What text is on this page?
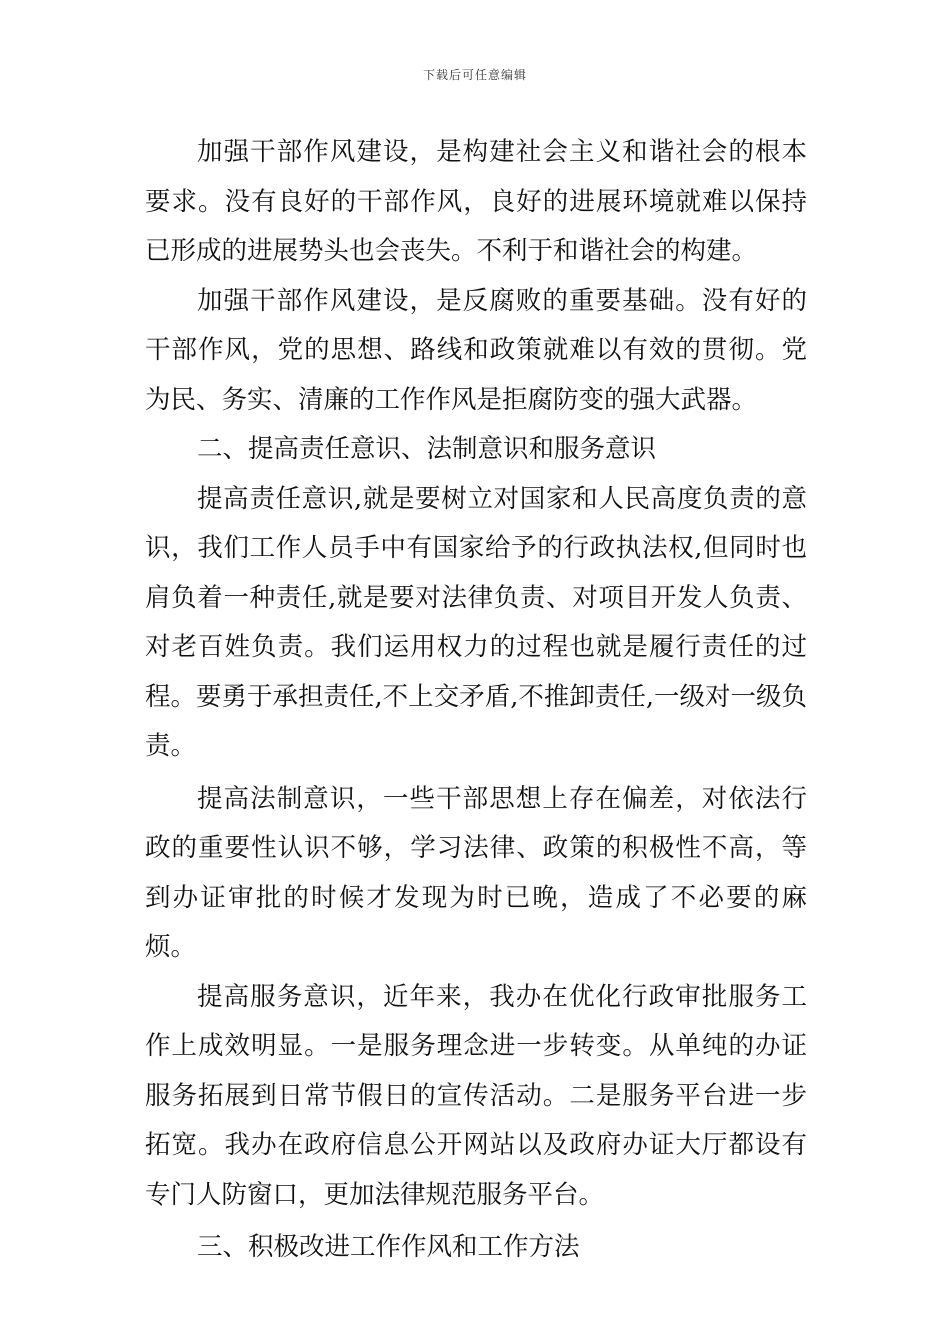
下载后可任意编辑

加强干部作风建设，是构建社会主义和谐社会的根本要求。没有良好的干部作风，良好的进展环境就难以保持已形成的进展势头也会丧失。不利于和谐社会的构建。

加强干部作风建设，是反腐败的重要基础。没有好的干部作风，党的思想、路线和政策就难以有效的贯彻。党为民、务实、清廉的工作作风是拒腐防变的强大武器。

二、提高责任意识、法制意识和服务意识

提高责任意识,就是要树立对国家和人民高度负责的意识，我们工作人员手中有国家给予的行政执法权,但同时也肩负着一种责任,就是要对法律负责、对项目开发人负责、对老百姓负责。我们运用权力的过程也就是履行责任的过程。要勇于承担责任,不上交矛盾,不推卸责任,一级对一级负责。

提高法制意识，一些干部思想上存在偏差，对依法行政的重要性认识不够，学习法律、政策的积极性不高，等到办证审批的时候才发现为时已晚，造成了不必要的麻烦。

提高服务意识，近年来，我办在优化行政审批服务工作上成效明显。一是服务理念进一步转变。从单纯的办证服务拓展到日常节假日的宣传活动。二是服务平台进一步拓宽。我办在政府信息公开网站以及政府办证大厅都设有专门人防窗口，更加法律规范服务平台。

三、积极改进工作作风和工作方法
